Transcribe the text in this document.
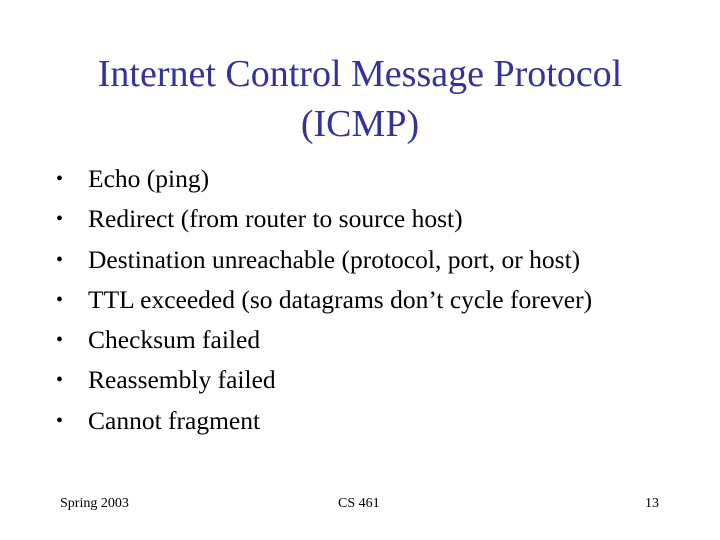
Internet Control Message Protocol
(ICMP)
• Echo (ping)
• Redirect (from router to source host)
• Destination unreachable (protocol, port, or host)
• TTL exceeded (so datagrams don’t cycle forever)
• Checksum failed
• Reassembly failed
• Cannot fragment
Spring 2003	CS 461	13
